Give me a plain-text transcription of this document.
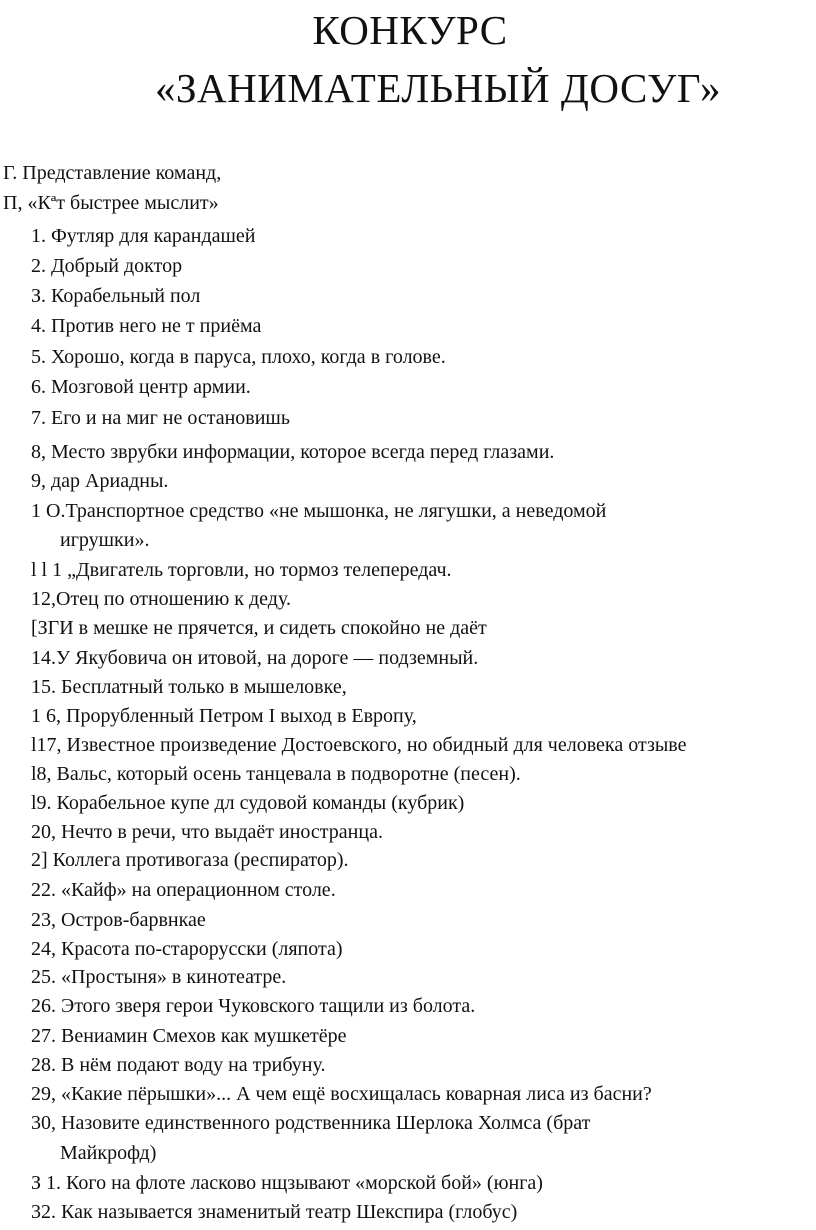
КОНКУРС
«ЗАНИМАТЕЛЬНЫЙ ДОСУГ»
Г. Представление команд,
П, «Кªт быстрее мыслит»
1. Футляр для карандашей
2. Добрый доктор
З. Корабельный пол
4. Против него не т приёма
5. Хорошо, когда в паруса, плохо, когда в голове.
6. Мозговой центр армии.
7. Его и на миг не остановишь
8, Место зврубки информации, которое всегда перед глазами.
9, дар Ариадны.
1 О.Транспортное средство «не мышонка, не лягушки, а неведомой
игрушки».
l l 1 „Двигатель торговли, но тормоз телепередач.
12,Отец по отношению к деду.
[ЗГИ в мешке не прячется, и сидеть спокойно не даёт
14.У Якубовича он итовой, на дороге — подземный.
15. Бесплатный только в мышеловке,
1 6, Прорубленный Петром I выход в Европу,
l17, Известное произведение Достоевского, но обидный для человека отзыве
l8, Вальс, который осень танцевала в подворотне (песен).
l9. Корабельное купе дл судовой команды (кубрик)
20, Нечто в речи, что выдаёт иностранца.
2] Коллега противогаза (респиратор).
22. «Кайф» на операционном столе.
23, Остров-барвнкае
24, Красота по-старорусски (ляпота)
25. «Простыня» в кинотеатре.
26. Этого зверя герои Чуковского тащили из болота.
27. Вениамин Смехов как мушкетёре
28. В нём подают воду на трибуну.
29, «Какие пёрышки»... А чем ещё восхищалась коварная лиса из басни?
30, Назовите единственного родственника Шерлока Холмса (брат
Майкрофд)
З 1. Кого на флоте ласково нщзывают «морской бой» (юнга)
32. Как называется знаменитый театр Шекспира (глобус)
